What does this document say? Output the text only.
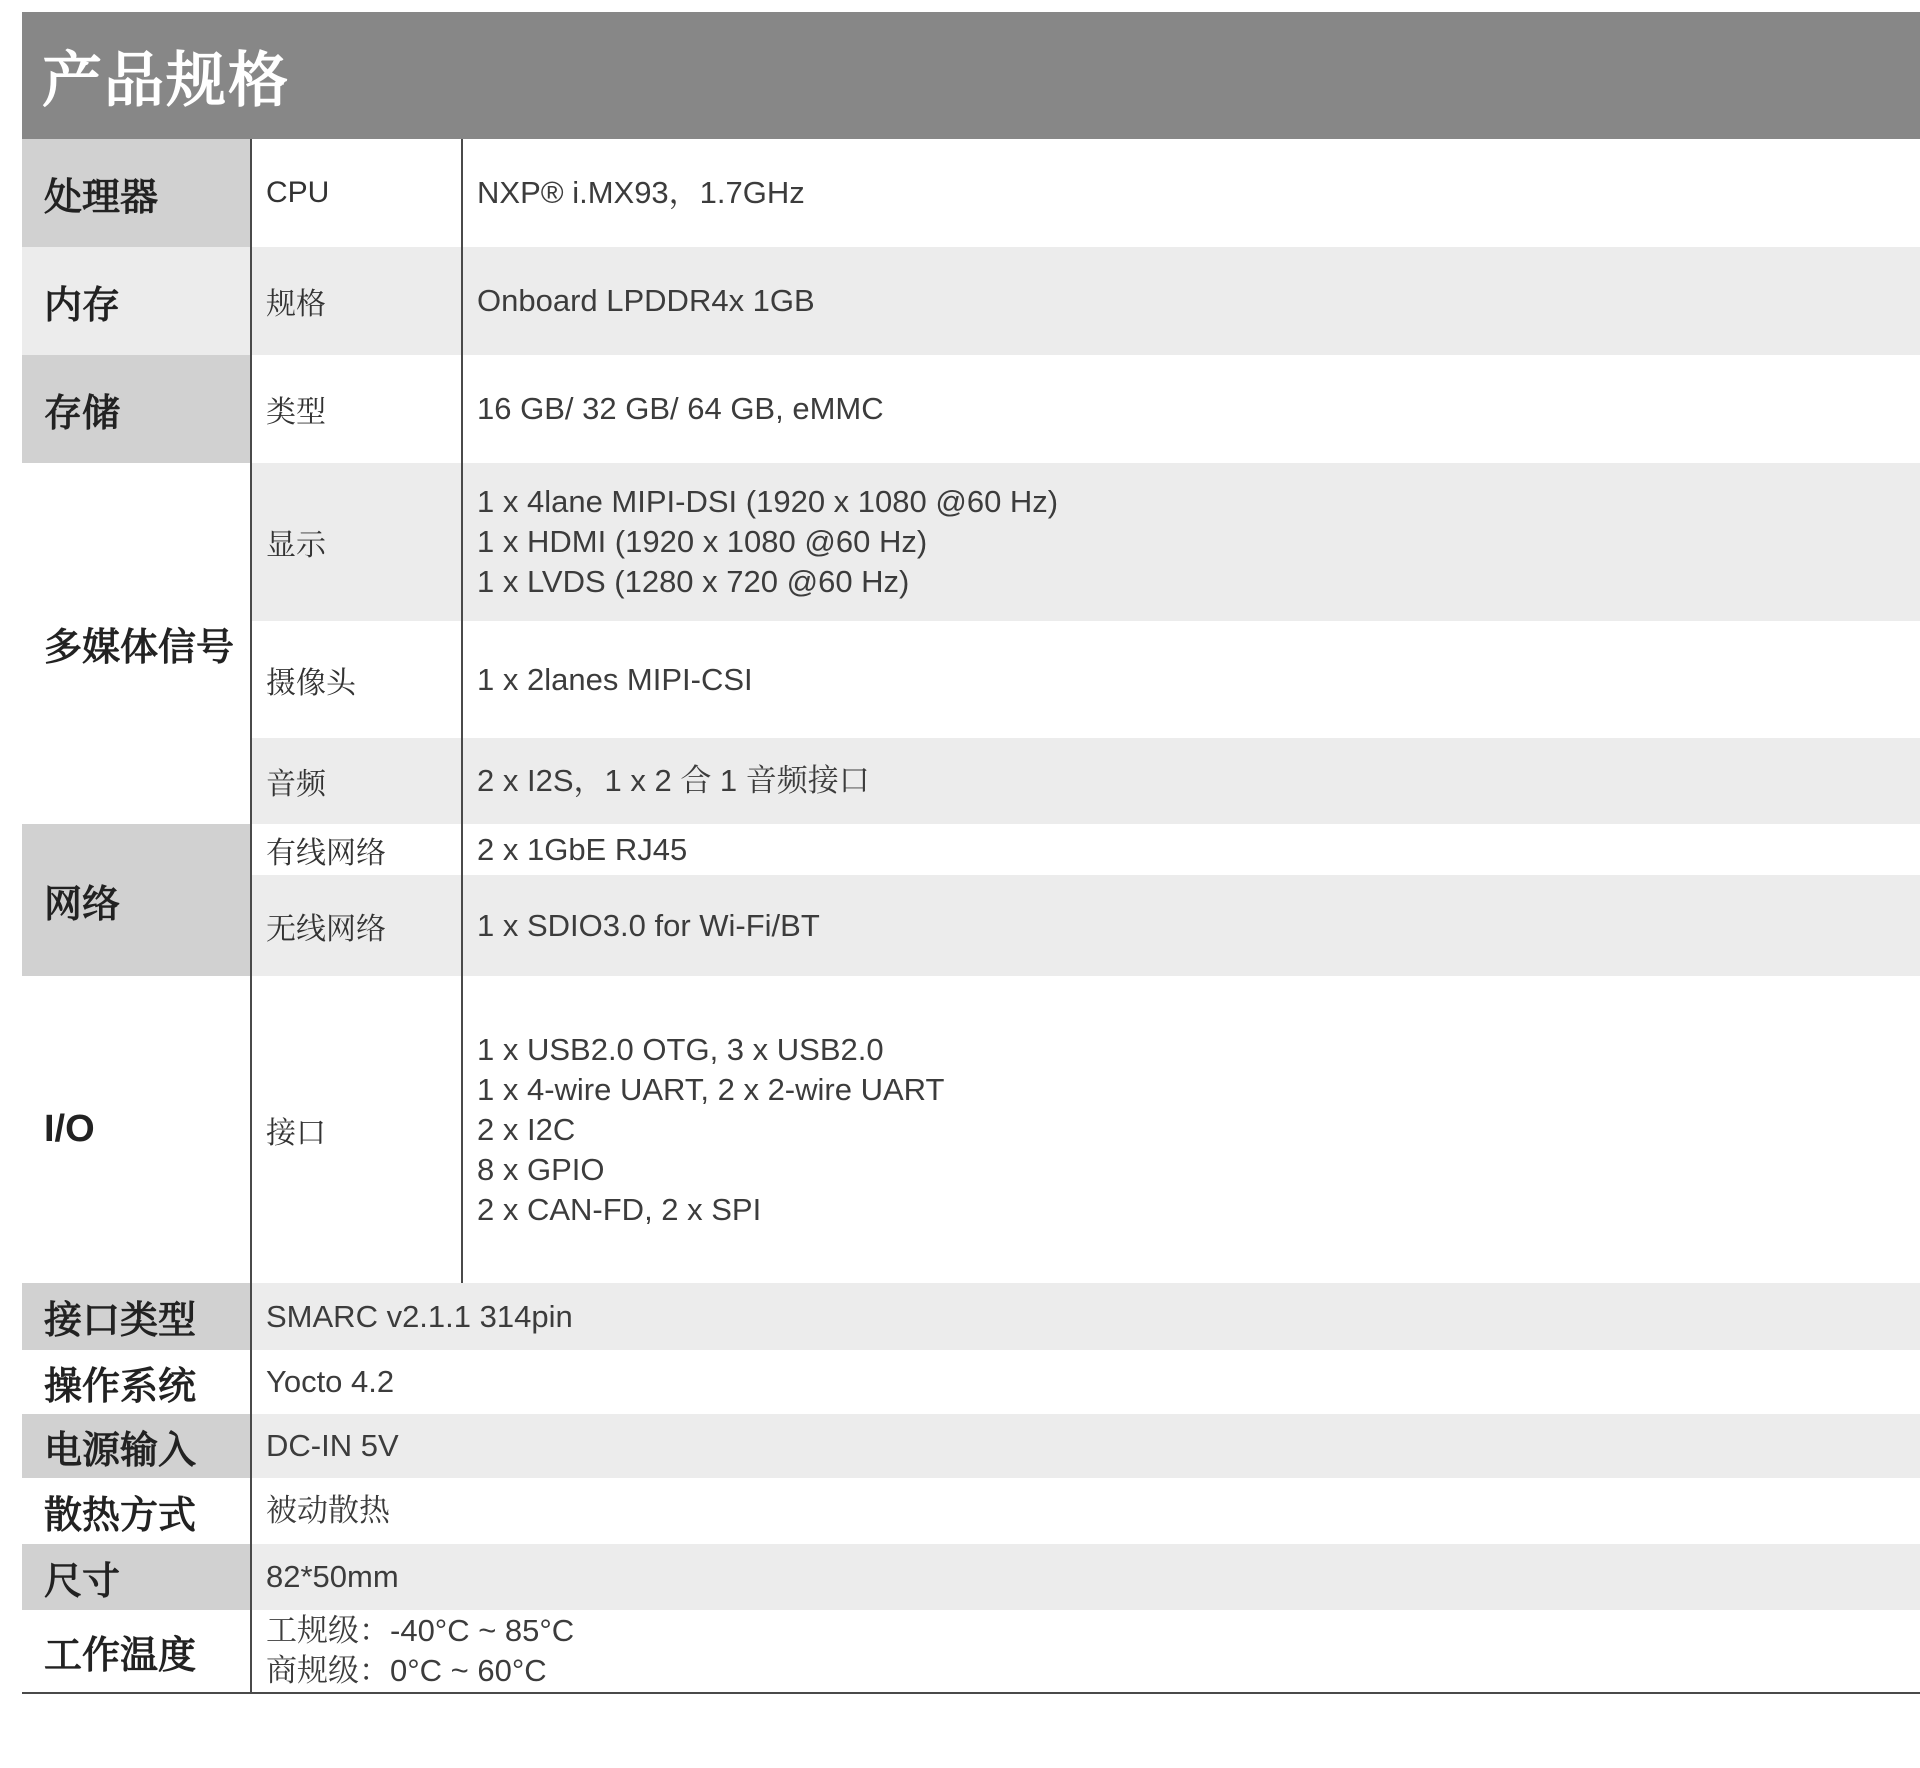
产品规格
处理器
内存
存储
多媒体信号
网络
I/O
接口类型
操作系统
电源输入
散热方式
尺寸
工作温度
CPU
规格
类型
显示
摄像头
音频
有线网络
无线网络
接口
NXP® i.MX93，1.7GHz
Onboard LPDDR4x 1GB
16 GB/ 32 GB/ 64 GB, eMMC
1 x 4lane MIPI-DSI (1920 x 1080 @60 Hz)
1 x HDMI (1920 x 1080 @60 Hz)
1 x LVDS (1280 x 720 @60 Hz)
1 x 2lanes MIPI-CSI
2 x I2S，1 x 2 合 1 音频接口
2 x 1GbE RJ45
1 x SDIO3.0 for Wi-Fi/BT
1 x USB2.0 OTG, 3 x USB2.0
1 x 4-wire UART, 2 x 2-wire UART
2 x I2C
8 x GPIO
2 x CAN-FD, 2 x SPI
SMARC v2.1.1 314pin
Yocto 4.2
DC-IN 5V
被动散热
82*50mm
工规级：-40°C ~ 85°C
商规级：0°C ~ 60°C
